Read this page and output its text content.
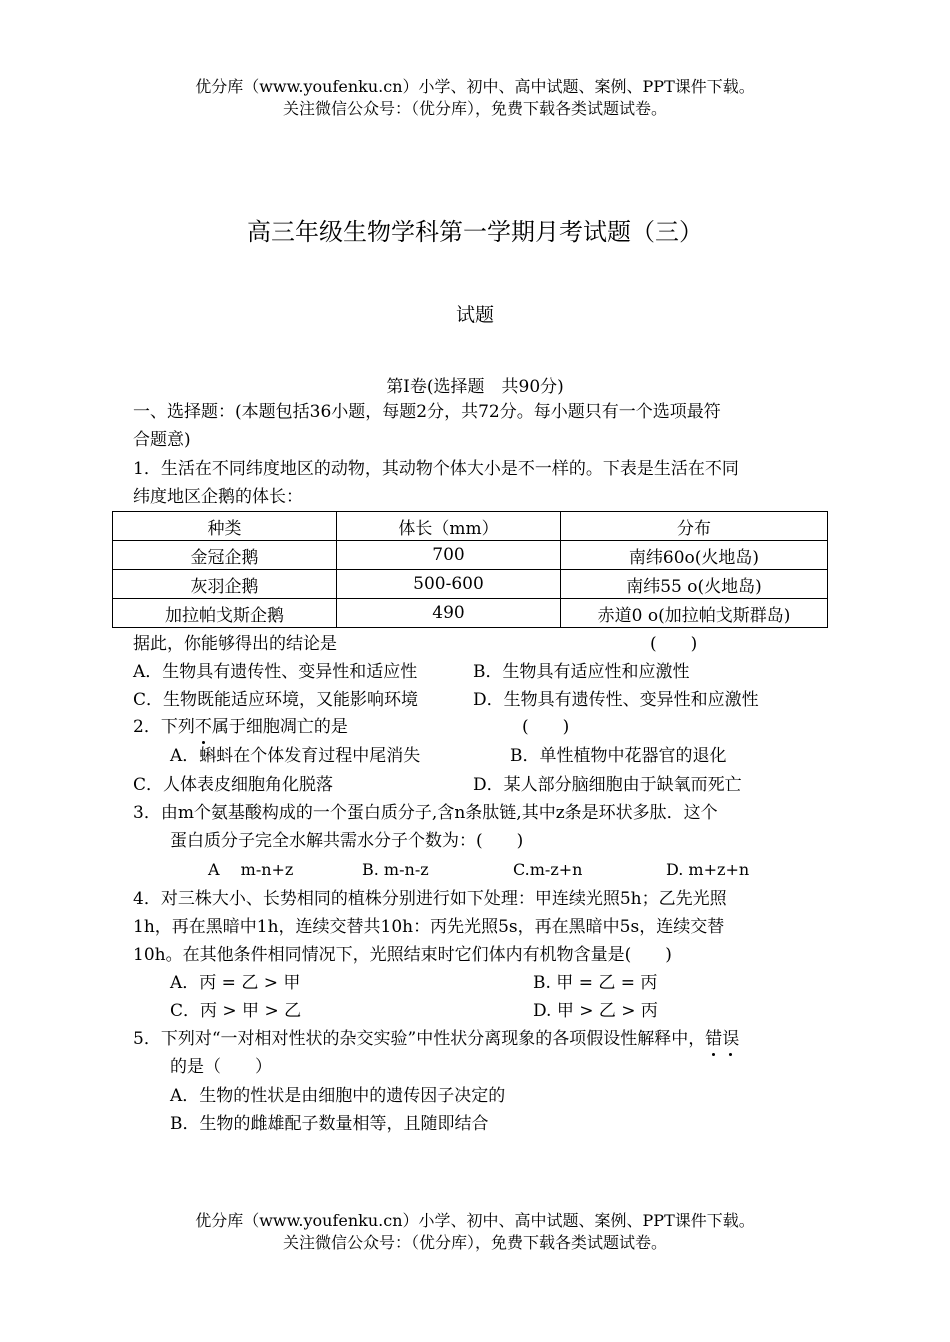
优分库（www.youfenku.cn）小学、初中、高中试题、案例、PPT课件下载。
关注微信公众号：（优分库），免费下载各类试题试卷。
高三年级生物学科第一学期月考试题（三）
试题
第Ⅰ卷(选择题　共90分)
一、选择题：(本题包括36小题，每题2分，共72分。每小题只有一个选项最符
合题意)
1．生活在不同纬度地区的动物，其动物个体大小是不一样的。下表是生活在不同
纬度地区企鹅的体长：
种类	体长（mm）	分布
金冠企鹅	700	南纬60o(火地岛)
灰羽企鹅	500-600	南纬55 o(火地岛)
加拉帕戈斯企鹅	490	赤道0 o(加拉帕戈斯群岛)
据此，你能够得出的结论是	(　　)
A．生物具有遗传性、变异性和适应性	B．生物具有适应性和应激性
C．生物既能适应环境，又能影响环境	D．生物具有遗传性、变异性和应激性
2．下列不属于细胞凋亡的是	(　　)
A．蝌蚪在个体发育过程中尾消失	B．单性植物中花器官的退化
C．人体表皮细胞角化脱落	D．某人部分脑细胞由于缺氧而死亡
3．由m个氨基酸构成的一个蛋白质分子,含n条肽链,其中z条是环状多肽．这个
蛋白质分子完全水解共需水分子个数为：(　　)
A　 m-n+z	B. m-n-z	C.m-z+n	D. m+z+n
4．对三株大小、长势相同的植株分别进行如下处理：甲连续光照5h；乙先光照
1h，再在黑暗中1h，连续交替共10h：丙先光照5s，再在黑暗中5s，连续交替
10h。在其他条件相同情况下，光照结束时它们体内有机物含量是(　　)
A．丙 = 乙 > 甲	B. 甲 = 乙 = 丙
C．丙 > 甲 > 乙	D. 甲 > 乙 > 丙
5．下列对“一对相对性状的杂交实验”中性状分离现象的各项假设性解释中，错误
的是（　　）
A．生物的性状是由细胞中的遗传因子决定的
B．生物的雌雄配子数量相等，且随即结合
优分库（www.youfenku.cn）小学、初中、高中试题、案例、PPT课件下载。
关注微信公众号：（优分库），免费下载各类试题试卷。
